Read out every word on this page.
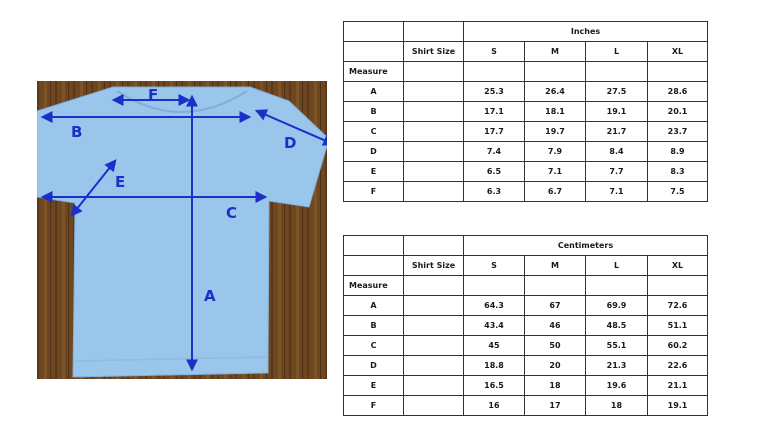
A
B
C
D
E
F
		Inches			
	Shirt Size	S	M	L	XL
Measure					
A		25.3	26.4	27.5	28.6
B		17.1	18.1	19.1	20.1
C		17.7	19.7	21.7	23.7
D		7.4	7.9	8.4	8.9
E		6.5	7.1	7.7	8.3
F		6.3	6.7	7.1	7.5
		Centimeters			
	Shirt Size	S	M	L	XL
Measure					
A		64.3	67	69.9	72.6
B		43.4	46	48.5	51.1
C		45	50	55.1	60.2
D		18.8	20	21.3	22.6
E		16.5	18	19.6	21.1
F		16	17	18	19.1
